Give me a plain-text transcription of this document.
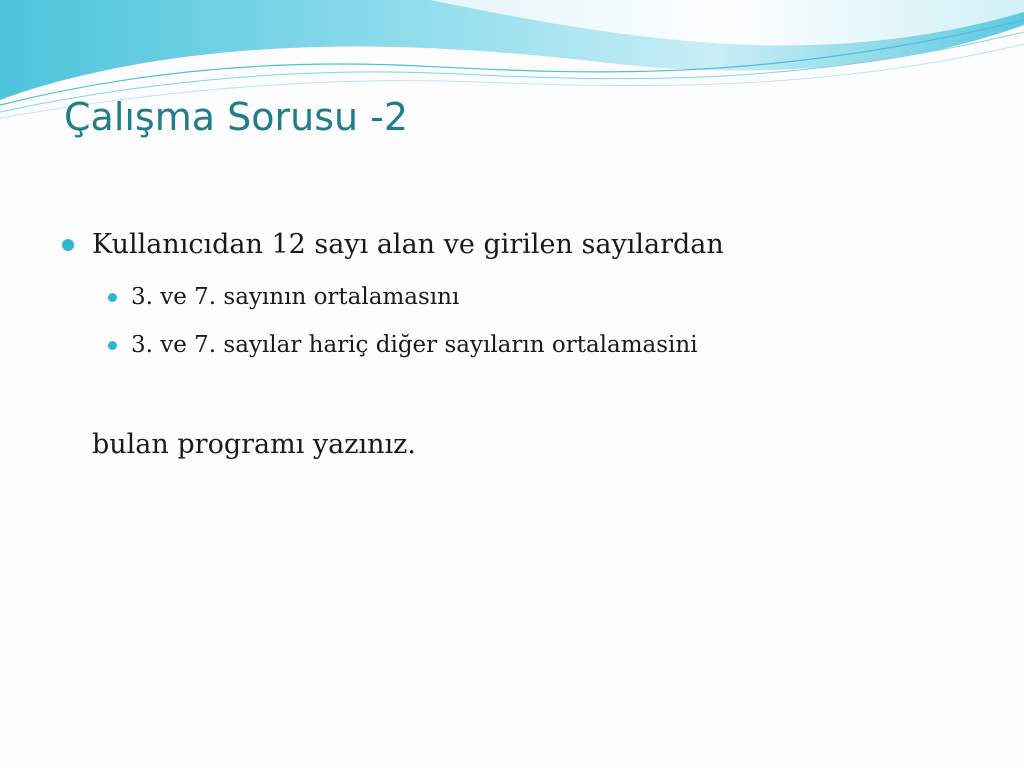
Çalışma Sorusu -2
Kullanıcıdan 12 sayı alan ve girilen sayılardan
3. ve 7. sayının ortalamasını
3. ve 7. sayılar hariç diğer sayıların ortalamasini
bulan programı yazınız.
